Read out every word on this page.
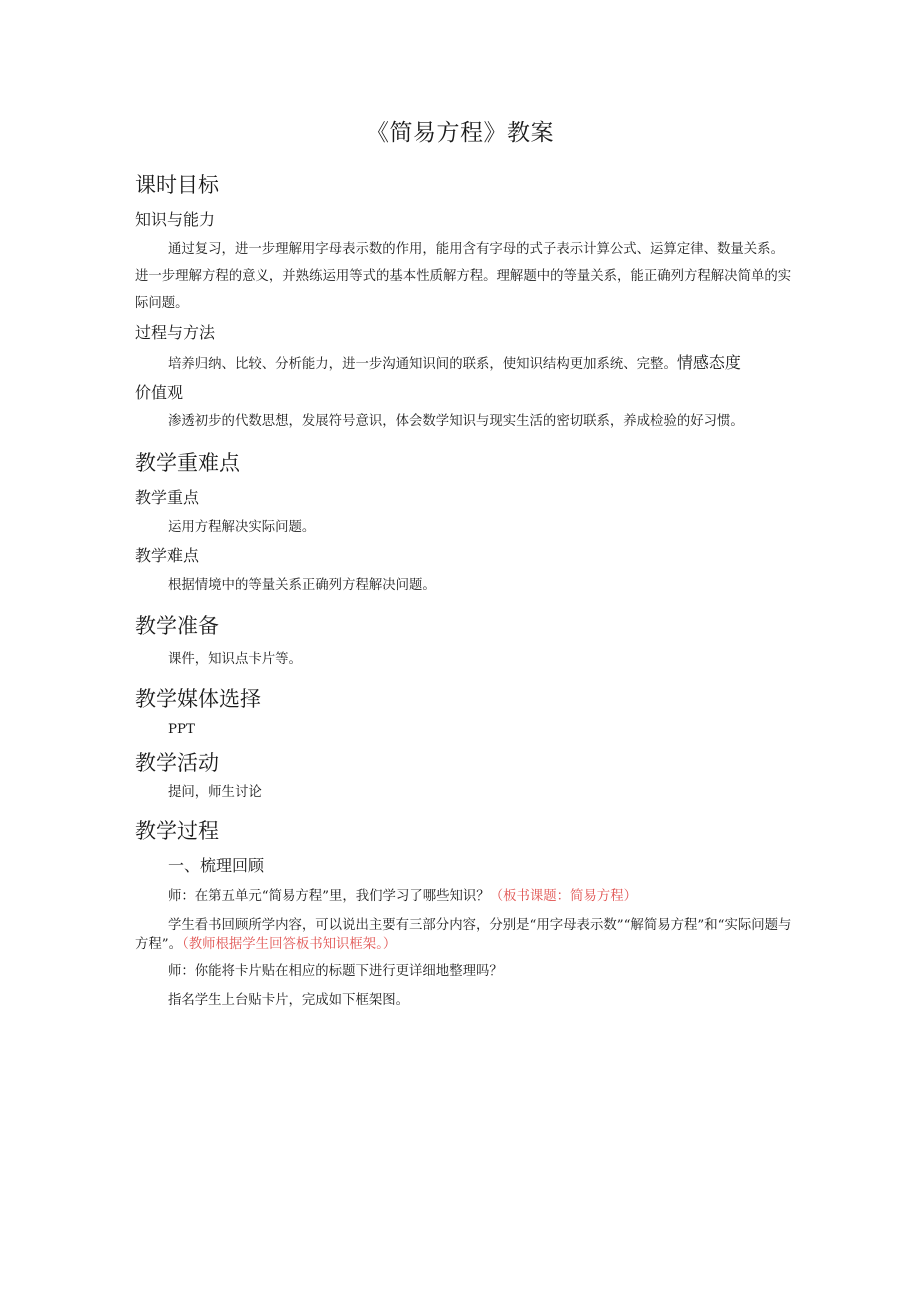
《简易方程》教案
课时目标
知识与能力

通过复习，进一步理解用字母表示数的作用，能用含有字母的式子表示计算公式、运算定律、数量关系。进一步理解方程的意义，并熟练运用等式的基本性质解方程。理解题中的等量关系，能正确列方程解决简单的实际问题。

过程与方法

培养归纳、比较、分析能力，进一步沟通知识间的联系，使知识结构更加系统、完整。情感态度

价值观

渗透初步的代数思想，发展符号意识，体会数学知识与现实生活的密切联系，养成检验的好习惯。

教学重难点
教学重点

运用方程解决实际问题。

教学难点

根据情境中的等量关系正确列方程解决问题。

教学准备

课件，知识点卡片等。

教学媒体选择

PPT

教学活动

提问，师生讨论

教学过程
一、梳理回顾

师：在第五单元“简易方程”里，我们学习了哪些知识？（板书课题：简易方程）

学生看书回顾所学内容，可以说出主要有三部分内容，分别是“用字母表示数”“解简易方程”和“实际问题与方程”。（教师根据学生回答板书知识框架。）

师：你能将卡片贴在相应的标题下进行更详细地整理吗？

指名学生上台贴卡片，完成如下框架图。
